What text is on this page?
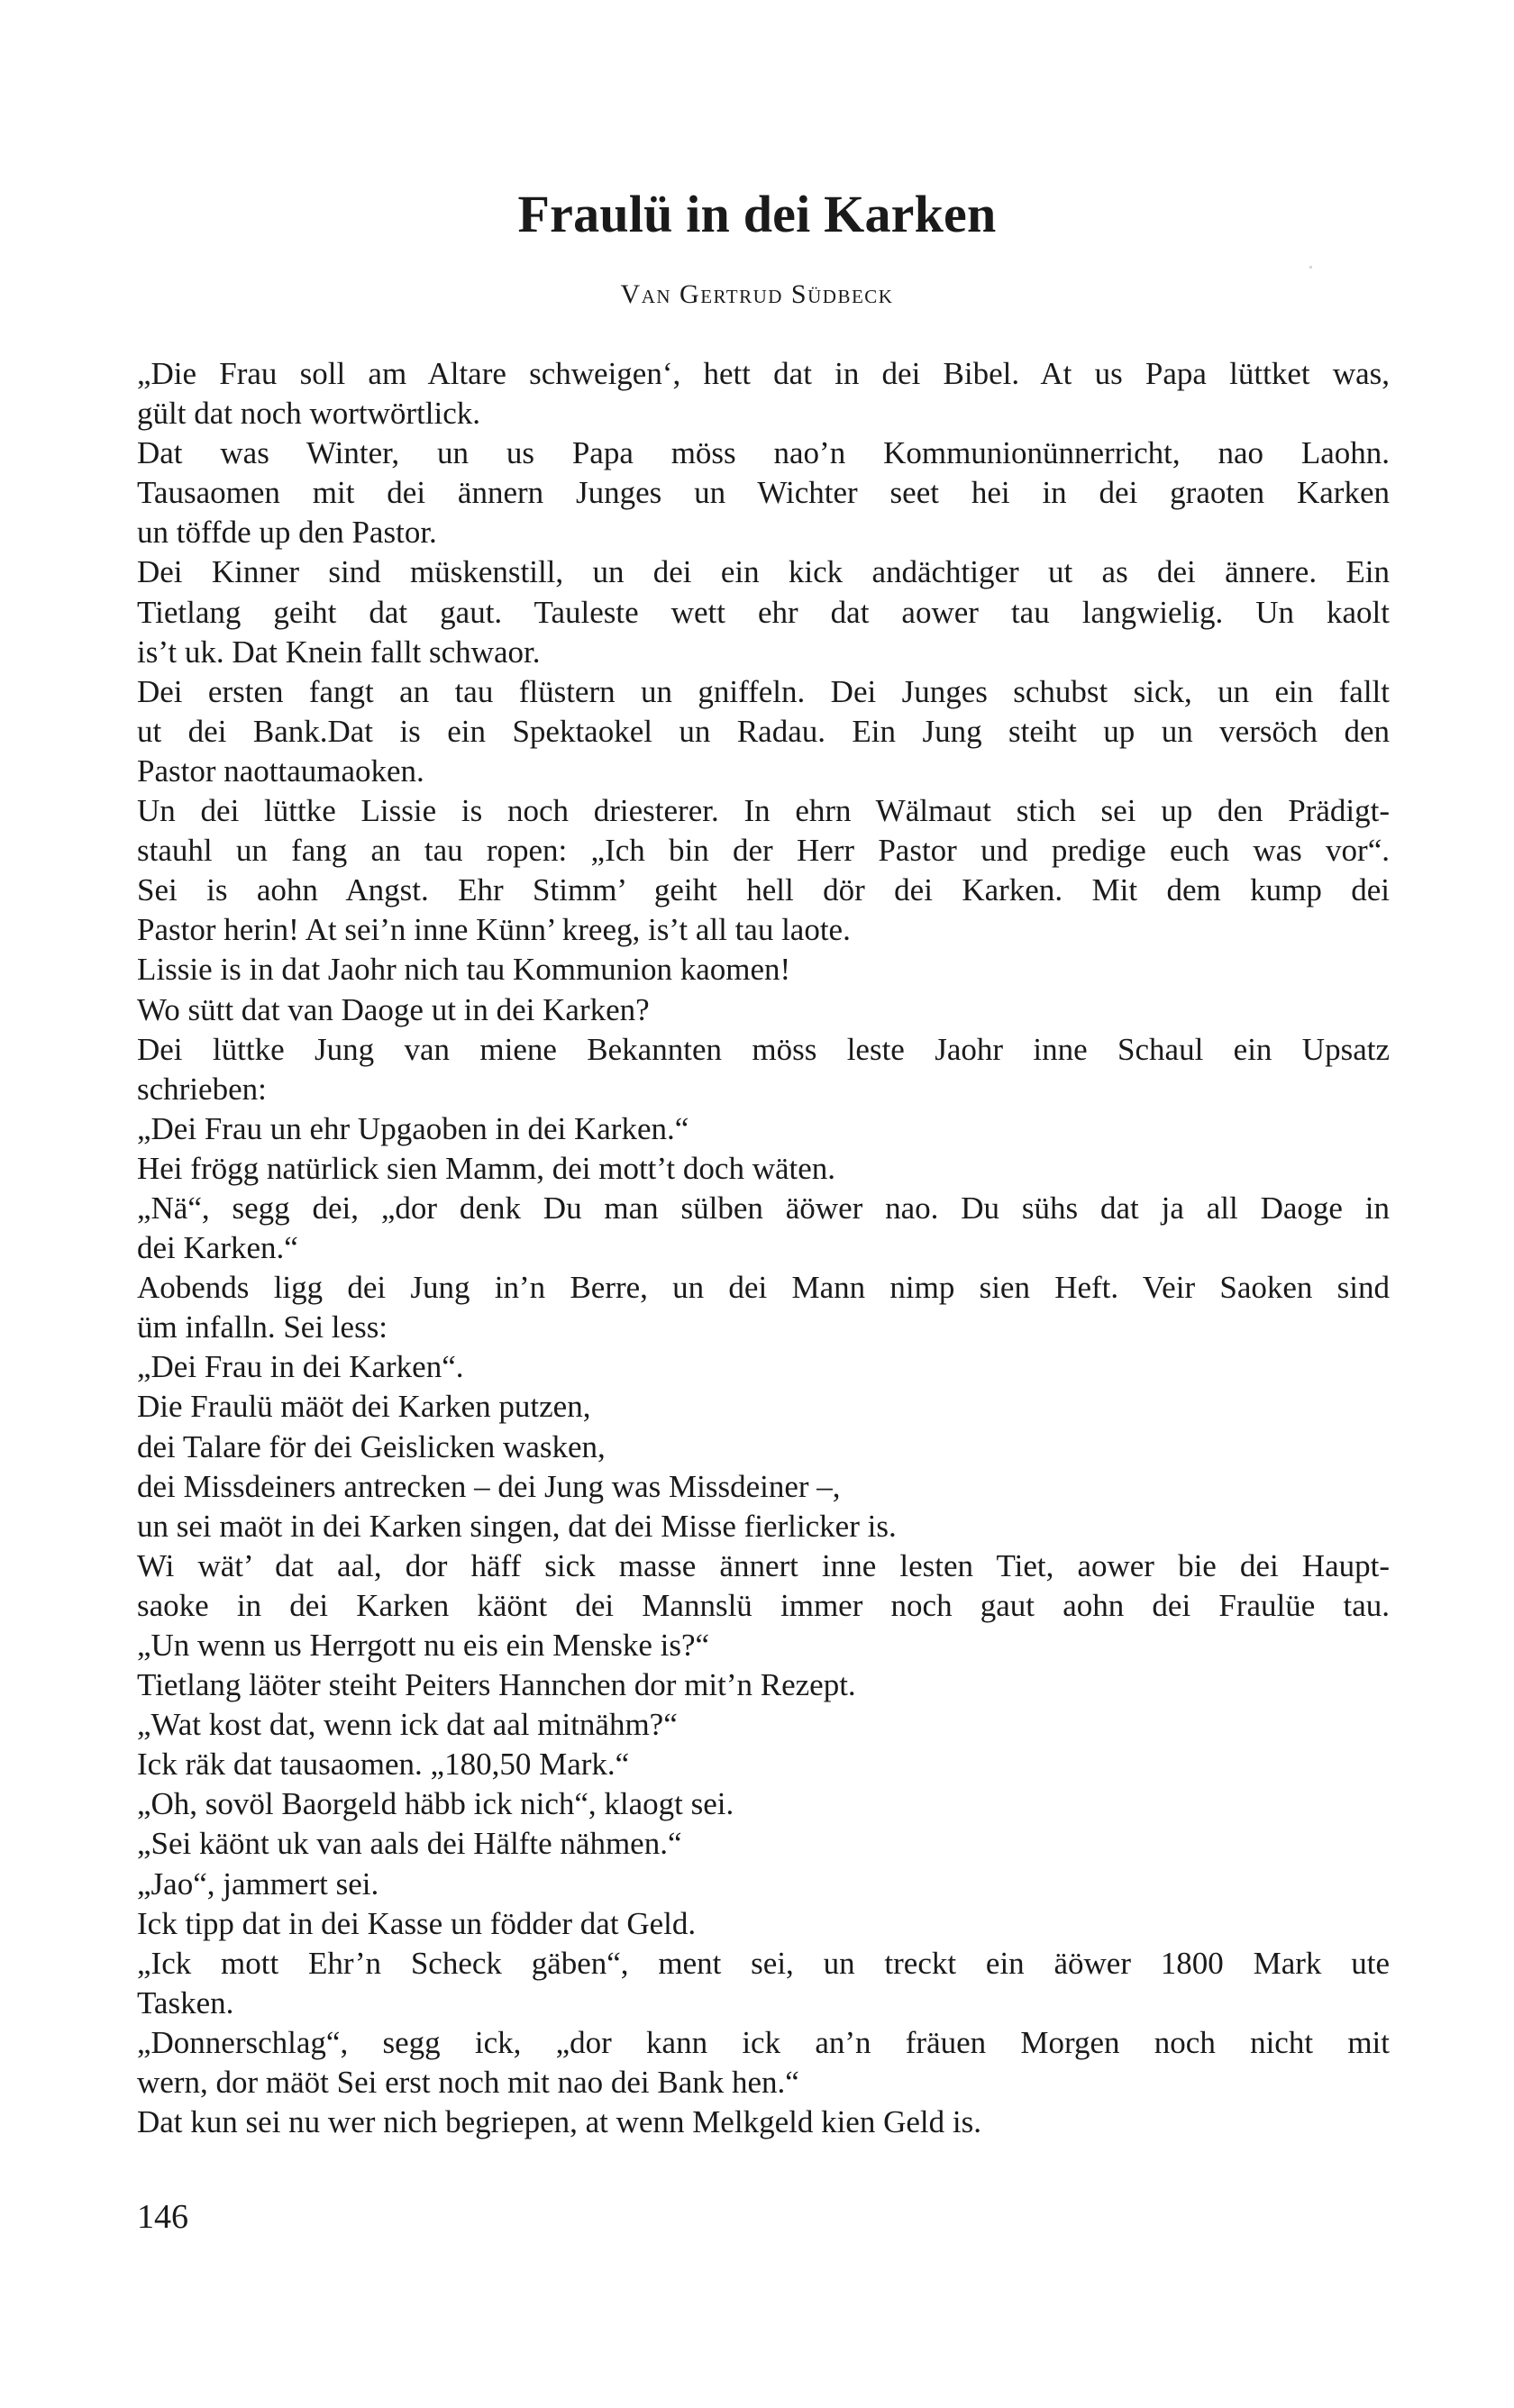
Fraulü in dei Karken
Van Gertrud Südbeck
„Die Frau soll am Altare schweigen‘, hett dat in dei Bibel. At us Papa lüttket was,
gült dat noch wortwörtlick.
Dat was Winter, un us Papa möss nao’n Kommunionünnerricht, nao Laohn.
Tausaomen mit dei ännern Junges un Wichter seet hei in dei graoten Karken
un töffde up den Pastor.
Dei Kinner sind müskenstill, un dei ein kick andächtiger ut as dei ännere. Ein
Tietlang geiht dat gaut. Tauleste wett ehr dat aower tau langwielig. Un kaolt
is’t uk. Dat Knein fallt schwaor.
Dei ersten fangt an tau flüstern un gniffeln. Dei Junges schubst sick, un ein fallt
ut dei Bank.Dat is ein Spektaokel un Radau. Ein Jung steiht up un versöch den
Pastor naottaumaoken.
Un dei lüttke Lissie is noch driesterer. In ehrn Wälmaut stich sei up den Prädigt-
stauhl un fang an tau ropen: „Ich bin der Herr Pastor und predige euch was vor“.
Sei is aohn Angst. Ehr Stimm’ geiht hell dör dei Karken. Mit dem kump dei
Pastor herin! At sei’n inne Künn’ kreeg, is’t all tau laote.
Lissie is in dat Jaohr nich tau Kommunion kaomen!
Wo sütt dat van Daoge ut in dei Karken?
Dei lüttke Jung van miene Bekannten möss leste Jaohr inne Schaul ein Upsatz
schrieben:
„Dei Frau un ehr Upgaoben in dei Karken.“
Hei frögg natürlick sien Mamm, dei mott’t doch wäten.
„Nä“, segg dei, „dor denk Du man sülben äöwer nao. Du sühs dat ja all Daoge in
dei Karken.“
Aobends ligg dei Jung in’n Berre, un dei Mann nimp sien Heft. Veir Saoken sind
üm infalln. Sei less:
„Dei Frau in dei Karken“.
Die Fraulü mäöt dei Karken putzen,
dei Talare för dei Geislicken wasken,
dei Missdeiners antrecken – dei Jung was Missdeiner –,
un sei maöt in dei Karken singen, dat dei Misse fierlicker is.
Wi wät’ dat aal, dor häff sick masse ännert inne lesten Tiet, aower bie dei Haupt-
saoke in dei Karken käönt dei Mannslü immer noch gaut aohn dei Fraulüe tau.
„Un wenn us Herrgott nu eis ein Menske is?“
Tietlang läöter steiht Peiters Hannchen dor mit’n Rezept.
„Wat kost dat, wenn ick dat aal mitnähm?“
Ick räk dat tausaomen. „180,50 Mark.“
„Oh, sovöl Baorgeld häbb ick nich“, klaogt sei.
„Sei käönt uk van aals dei Hälfte nähmen.“
„Jao“, jammert sei.
Ick tipp dat in dei Kasse un födder dat Geld.
„Ick mott Ehr’n Scheck gäben“, ment sei, un treckt ein äöwer 1800 Mark ute
Tasken.
„Donnerschlag“, segg ick, „dor kann ick an’n fräuen Morgen noch nicht mit
wern, dor mäöt Sei erst noch mit nao dei Bank hen.“
Dat kun sei nu wer nich begriepen, at wenn Melkgeld kien Geld is.
146
